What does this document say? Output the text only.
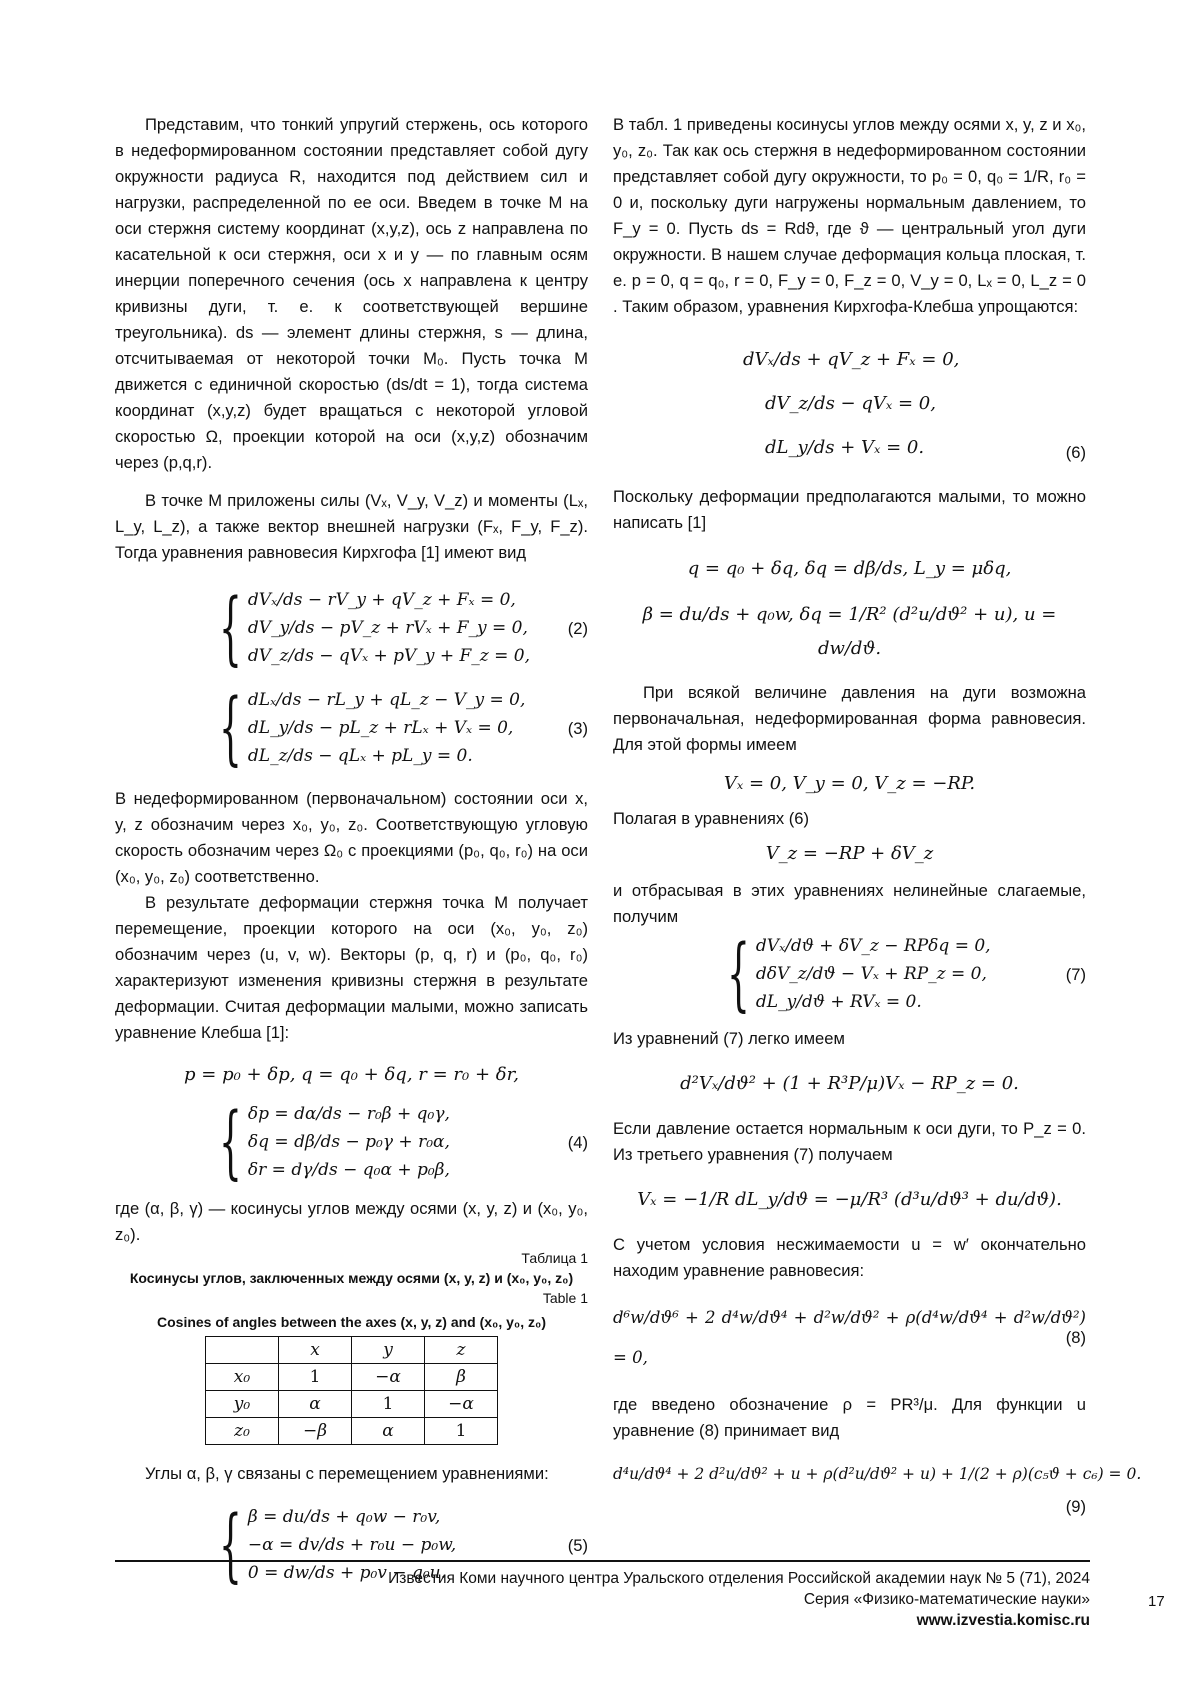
Представим, что тонкий упругий стержень, ось которого в недеформированном состоянии представляет собой дугу окружности радиуса R, находится под действием сил и нагрузки, распределенной по ее оси. Введем в точке M на оси стержня систему координат (x,y,z), ось z направлена по касательной к оси стержня, оси x и y — по главным осям инерции поперечного сечения (ось x направлена к центру кривизны дуги, т. е. к соответствующей вершине треугольника). ds — элемент длины стержня, s — длина, отсчитываемая от некоторой точки M₀. Пусть точка M движется с единичной скоростью (ds/dt = 1), тогда система координат (x,y,z) будет вращаться с некоторой угловой скоростью Ω, проекции которой на оси (x,y,z) обозначим через (p,q,r).

В точке M приложены силы (Vₓ, V_y, V_z) и моменты (Lₓ, L_y, L_z), а также вектор внешней нагрузки (Fₓ, F_y, F_z). Тогда уравнения равновесия Кирхгофа [1] имеют вид

{ dVₓ/ds − rV_y + qV_z + Fₓ = 0,
dV_y/ds − pV_z + rVₓ + F_y = 0,
dV_z/ds − qVₓ + pV_y + F_z = 0,
(2)
{ dLₓ/ds − rL_y + qL_z − V_y = 0,
dL_y/ds − pL_z + rLₓ + Vₓ = 0,
dL_z/ds − qLₓ + pL_y = 0.
(3)

В недеформированном (первоначальном) состоянии оси x, y, z обозначим через x₀, y₀, z₀. Соответствующую угловую скорость обозначим через Ω₀ с проекциями (p₀, q₀, r₀) на оси (x₀, y₀, z₀) соответственно.

В результате деформации стержня точка M получает перемещение, проекции которого на оси (x₀, y₀, z₀) обозначим через (u, v, w). Векторы (p, q, r) и (p₀, q₀, r₀) характеризуют изменения кривизны стержня в результате деформации. Считая деформации малыми, можно записать уравнение Клебша [1]:

p = p₀ + δp, q = q₀ + δq, r = r₀ + δr,
{ δp = dα/ds − r₀β + q₀γ,
δq = dβ/ds − p₀γ + r₀α,
δr = dγ/ds − q₀α + p₀β,
(4)

где (α, β, γ) — косинусы углов между осями (x, y, z) и (x₀, y₀, z₀).

Таблица 1
Косинусы углов, заключенных между осями (x, y, z) и (x₀, y₀, z₀)
Table 1
Cosines of angles between the axes (x, y, z) and (x₀, y₀, z₀)
	x	y	z
x₀	1	−α	β
y₀	α	1	−α
z₀	−β	α	1

Углы α, β, γ связаны с перемещением уравнениями:

{ β = du/ds + q₀w − r₀v,
−α = dv/ds + r₀u − p₀w,
0 = dw/ds + p₀v − q₀u.
(5)

В табл. 1 приведены косинусы углов между осями x, y, z и x₀, y₀, z₀. Так как ось стержня в недеформированном состоянии представляет собой дугу окружности, то p₀ = 0, q₀ = 1/R, r₀ = 0 и, поскольку дуги нагружены нормальным давлением, то F_y = 0. Пусть ds = Rdϑ, где ϑ — центральный угол дуги окружности. В нашем случае деформация кольца плоская, т. е. p = 0, q = q₀, r = 0, F_y = 0, F_z = 0, V_y = 0, Lₓ = 0, L_z = 0 . Таким образом, уравнения Кирхгофа-Клебша упрощаются:

dVₓ/ds + qV_z + Fₓ = 0,
dV_z/ds − qVₓ = 0,
dL_y/ds + Vₓ = 0.	(6)

Поскольку деформации предполагаются малыми, то можно написать [1]

q = q₀ + δq, δq = dβ/ds, L_y = μδq,
β = du/ds + q₀w, δq = 1/R² (d²u/dϑ² + u), u = dw/dϑ.

При всякой величине давления на дуги возможна первоначальная, недеформированная форма равновесия. Для этой формы имеем

Vₓ = 0, V_y = 0, V_z = −RP.

Полагая в уравнениях (6)

V_z = −RP + δV_z

и отбрасывая в этих уравнениях нелинейные слагаемые, получим

{ dVₓ/dϑ + δV_z − RPδq = 0,
dδV_z/dϑ − Vₓ + RP_z = 0,
dL_y/dϑ + RVₓ = 0.
(7)

Из уравнений (7) легко имеем

d²Vₓ/dϑ² + (1 + R³P/μ)Vₓ − RP_z = 0.

Если давление остается нормальным к оси дуги, то P_z = 0. Из третьего уравнения (7) получаем

Vₓ = −1/R dL_y/dϑ = −μ/R³ (d³u/dϑ³ + du/dϑ).

С учетом условия несжимаемости u = w′ окончательно находим уравнение равновесия:

d⁶w/dϑ⁶ + 2 d⁴w/dϑ⁴ + d²w/dϑ² + ρ(d⁴w/dϑ⁴ + d²w/dϑ²) = 0,
(8)

где введено обозначение ρ = PR³/μ. Для функции u уравнение (8) принимает вид

d⁴u/dϑ⁴ + 2 d²u/dϑ² + u + ρ(d²u/dϑ² + u) + 1/(2 + ρ)(c₅ϑ + c₆) = 0.
(9)
Известия Коми научного центра Уральского отделения Российской академии наук № 5 (71), 2024
Серия «Физико-математические науки»
www.izvestia.komisc.ru
17
